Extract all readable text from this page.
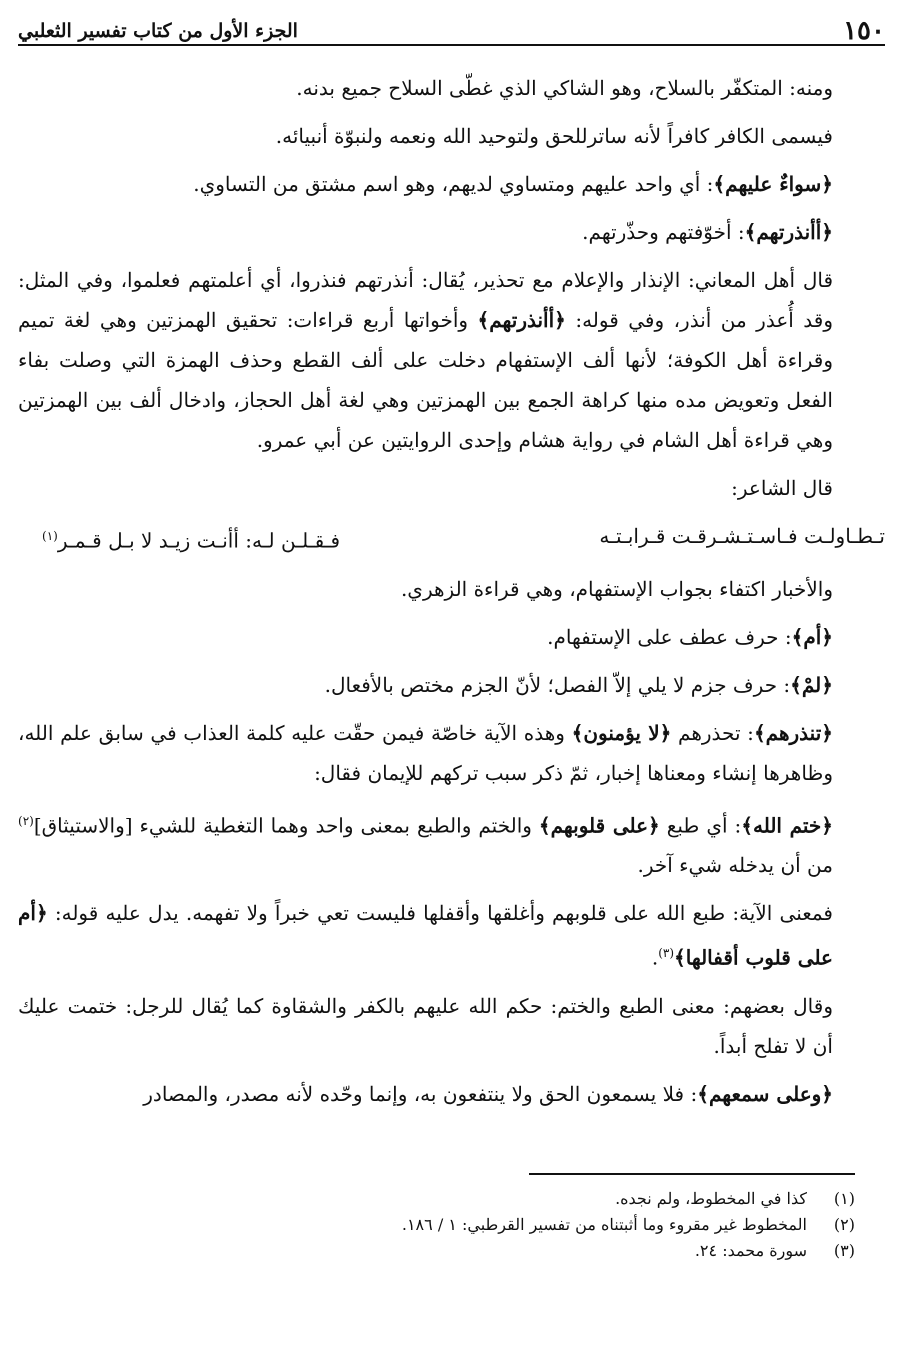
١٥٠
الجزء الأول من كتاب تفسير الثعلبي

ومنه: المتكفّر بالسلاح، وهو الشاكي الذي غطّى السلاح جميع بدنه.

فيسمى الكافر كافراً لأنه ساترللحق ولتوحيد الله ونعمه ولنبوّة أنبيائه.

﴿سواءٌ عليهم﴾: أي واحد عليهم ومتساوي لديهم، وهو اسم مشتق من التساوي.

﴿أأنذرتهم﴾: أخوّفتهم وحذّرتهم.

قال أهل المعاني: الإنذار والإعلام مع تحذير، يُقال: أنذرتهم فنذروا، أي أعلمتهم فعلموا، وفي المثل: وقد أُعذر من أنذر، وفي قوله: ﴿أأنذرتهم﴾ وأخواتها أربع قراءات: تحقيق الهمزتين وهي لغة تميم وقراءة أهل الكوفة؛ لأنها ألف الإستفهام دخلت على ألف القطع وحذف الهمزة التي وصلت بفاء الفعل وتعويض مده منها كراهة الجمع بين الهمزتين وهي لغة أهل الحجاز، وادخال ألف بين الهمزتين وهي قراءة أهل الشام في رواية هشام وإحدى الروايتين عن أبي عمرو.

قال الشاعر:

تـطـاولـت فـاسـتـشـرقـت قـرابـتـه
فـقـلـن لـه: أأنـت زيـد لا بـل قـمـر$^{(١)}$

والأخبار اكتفاء بجواب الإستفهام، وهي قراءة الزهري.

﴿أم﴾: حرف عطف على الإستفهام.

﴿لمْ﴾: حرف جزم لا يلي إلاّ الفصل؛ لأنّ الجزم مختص بالأفعال.

﴿تنذرهم﴾: تحذرهم ﴿لا يؤمنون﴾ وهذه الآية خاصّة فيمن حقّت عليه كلمة العذاب في سابق علم الله، وظاهرها إنشاء ومعناها إخبار، ثمّ ذكر سبب تركهم للإيمان فقال:

﴿ختم الله﴾: أي طبع ﴿على قلوبهم﴾ والختم والطبع بمعنى واحد وهما التغطية للشيء [والاستيثاق]$^{(٢)}$ من أن يدخله شيء آخر.

فمعنى الآية: طبع الله على قلوبهم وأغلقها وأقفلها فليست تعي خبراً ولا تفهمه. يدل عليه قوله: ﴿أم على قلوب أقفالها﴾$^{(٣)}$.

وقال بعضهم: معنى الطبع والختم: حكم الله عليهم بالكفر والشقاوة كما يُقال للرجل: ختمت عليك أن لا تفلح أبداً.

﴿وعلى سمعهم﴾: فلا يسمعون الحق ولا ينتفعون به، وإنما وحّده لأنه مصدر، والمصادر

(١)
كذا في المخطوط، ولم نجده.
(٢)
المخطوط غير مقروء وما أثبتناه من تفسير القرطبي: ١ / ١٨٦.
(٣)
سورة محمد: ٢٤.
